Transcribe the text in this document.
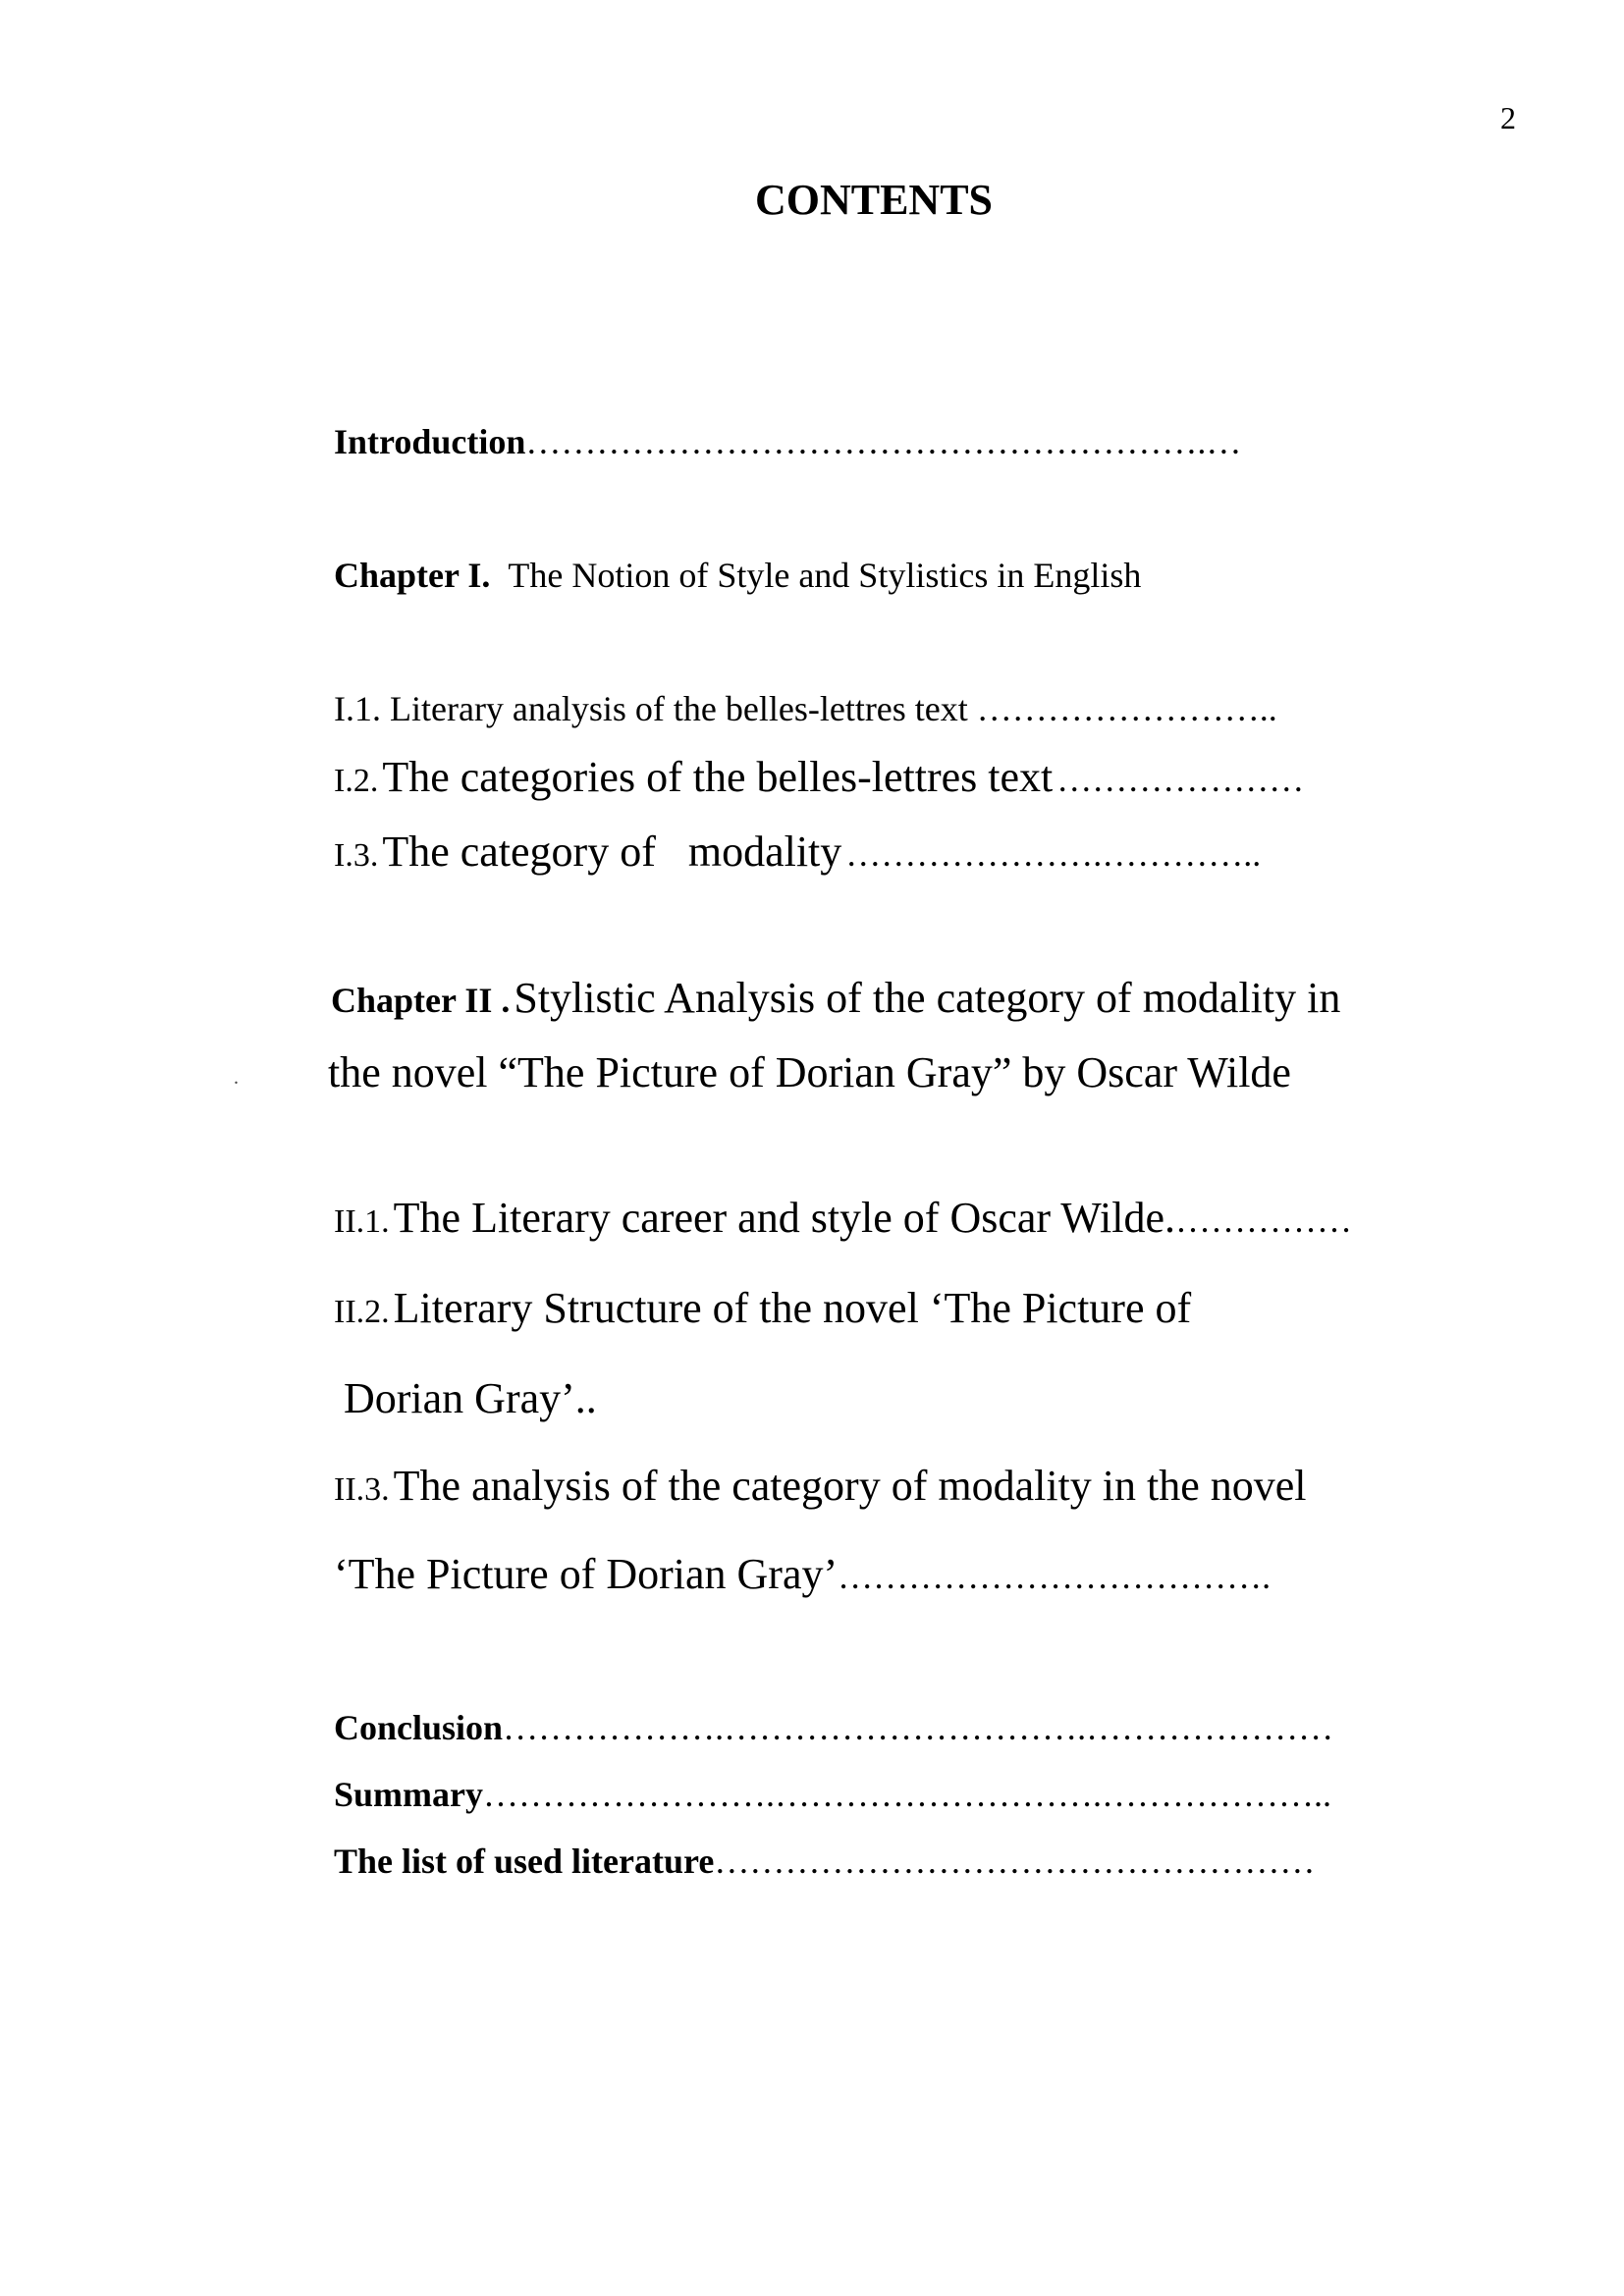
2
CONTENTS
Introduction………………………………………………….…
Chapter I. The Notion of Style and Stylistics in English
I.1. Literary analysis of the belles-lettres text ……………………..
I.2. The categories of the belles-lettres text …………………
I.3. The category of   modality ………………….…………..
Chapter II . Stylistic Analysis of the category of modality in
the novel “The Picture of Dorian Gray” by Oscar Wilde
.
II.1. The Literary career and style of Oscar Wilde.……………
II.2. Literary Structure of the novel ‘The Picture of
Dorian Gray’..
II.3. The analysis of the category of modality in the novel
‘The Picture of Dorian Gray’……………………………….
Conclusion……………….………………………….…………………
Summary…………………….……………………….………………..
The list of used literature……………………………………………
